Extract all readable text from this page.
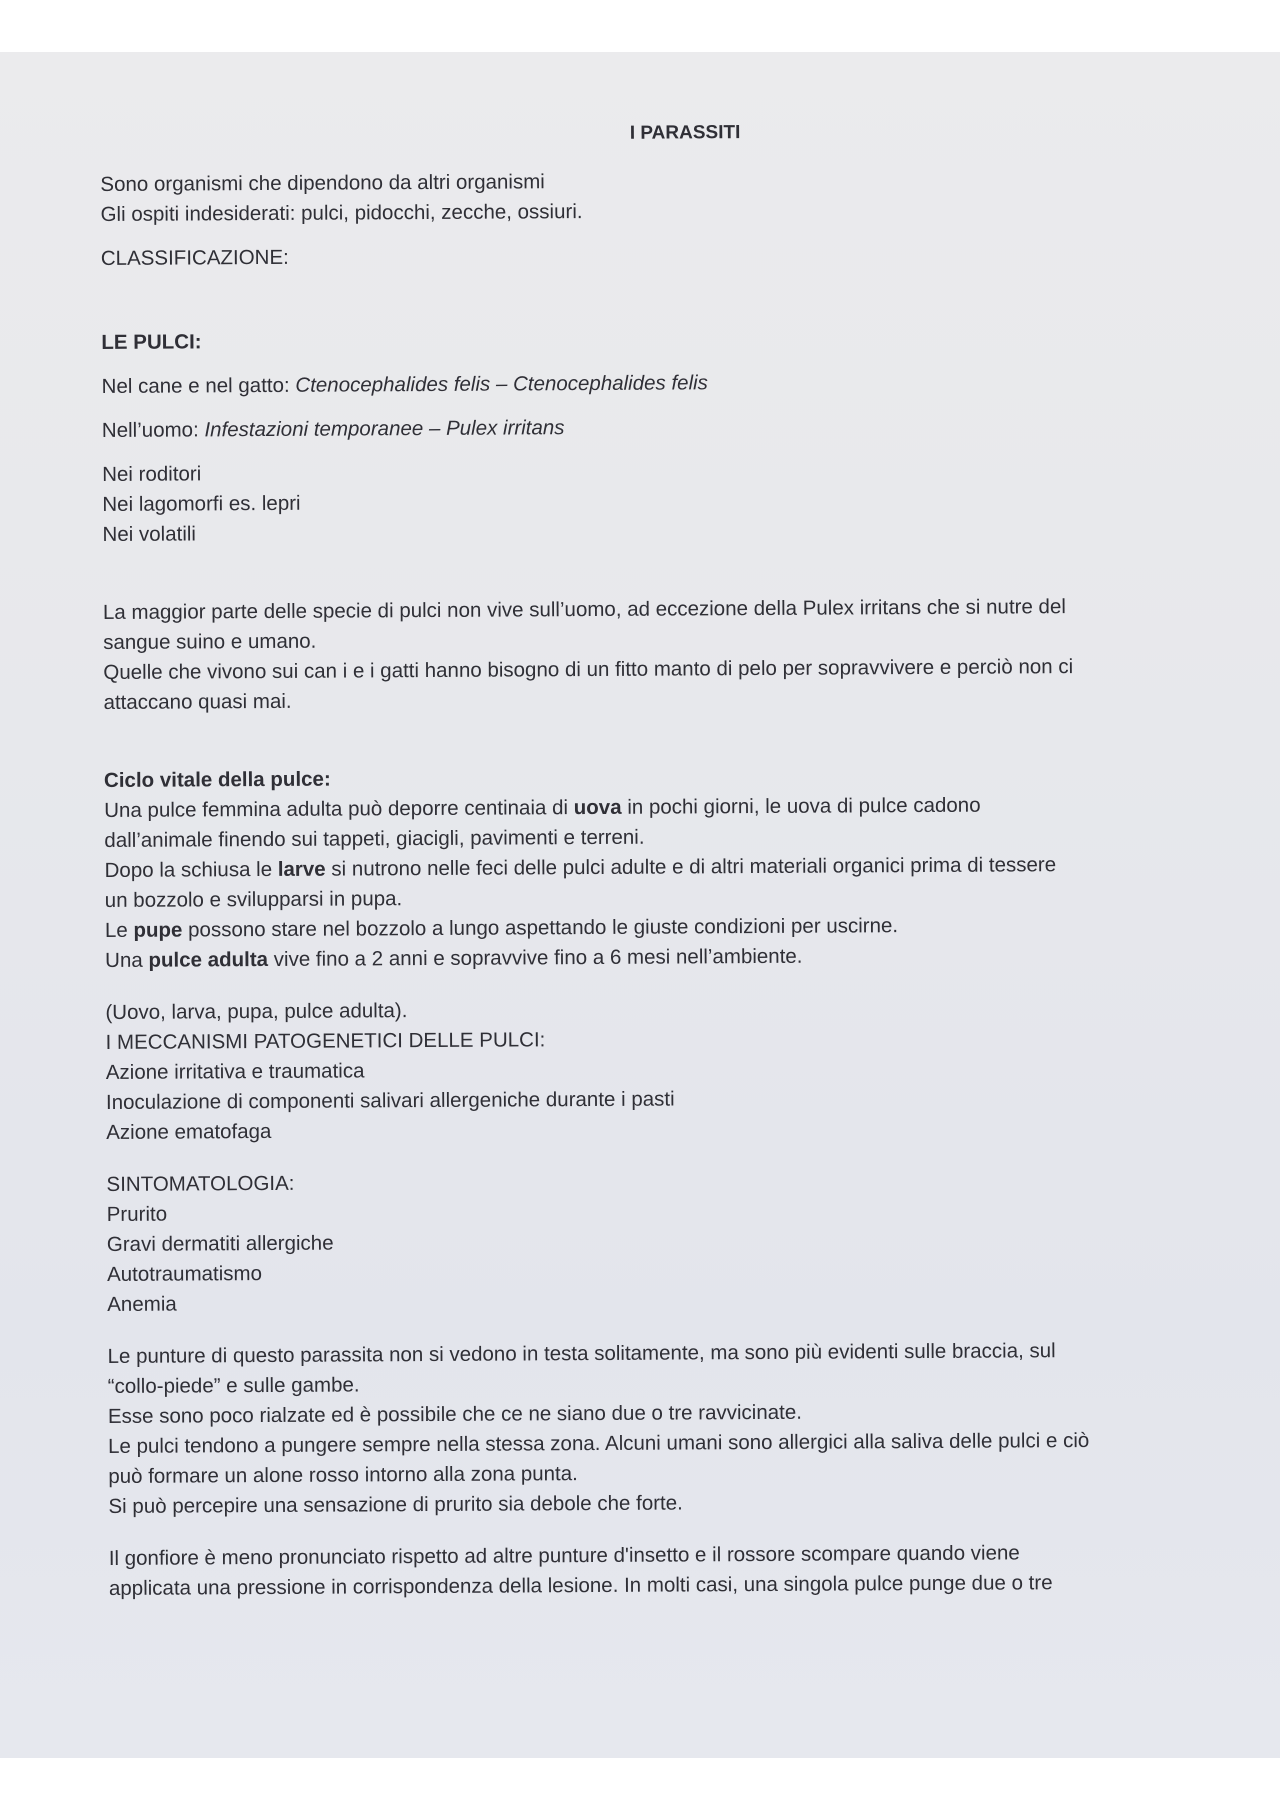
I PARASSITI
Sono organismi che dipendono da altri organismi
Gli ospiti indesiderati: pulci, pidocchi, zecche, ossiuri.

CLASSIFICAZIONE:

LE PULCI:

Nel cane e nel gatto: Ctenocephalides felis – Ctenocephalides felis

Nell’uomo: Infestazioni temporanee – Pulex irritans

Nei roditori
Nei lagomorfi es. lepri
Nei volatili
La maggior parte delle specie di pulci non vive sull’uomo, ad eccezione della Pulex irritans che si nutre del
sangue suino e umano.
Quelle che vivono sui can i e i gatti hanno bisogno di un fitto manto di pelo per sopravvivere e perciò non ci
attaccano quasi mai.
Ciclo vitale della pulce:
Una pulce femmina adulta può deporre centinaia di uova in pochi giorni, le uova di pulce cadono
dall’animale finendo sui tappeti, giacigli, pavimenti e terreni.
Dopo la schiusa le larve si nutrono nelle feci delle pulci adulte e di altri materiali organici prima di tessere
un bozzolo e svilupparsi in pupa.
Le pupe possono stare nel bozzolo a lungo aspettando le giuste condizioni per uscirne.
Una pulce adulta vive fino a 2 anni e sopravvive fino a 6 mesi nell’ambiente.
(Uovo, larva, pupa, pulce adulta).
I MECCANISMI PATOGENETICI DELLE PULCI:
Azione irritativa e traumatica
Inoculazione di componenti salivari allergeniche durante i pasti
Azione ematofaga
SINTOMATOLOGIA:
Prurito
Gravi dermatiti allergiche
Autotraumatismo
Anemia
Le punture di questo parassita non si vedono in testa solitamente, ma sono più evidenti sulle braccia, sul
“collo-piede” e sulle gambe.
Esse sono poco rialzate ed è possibile che ce ne siano due o tre ravvicinate.
Le pulci tendono a pungere sempre nella stessa zona. Alcuni umani sono allergici alla saliva delle pulci e ciò
può formare un alone rosso intorno alla zona punta.
Si può percepire una sensazione di prurito sia debole che forte.
Il gonfiore è meno pronunciato rispetto ad altre punture d'insetto e il rossore scompare quando viene
applicata una pressione in corrispondenza della lesione. In molti casi, una singola pulce punge due o tre
